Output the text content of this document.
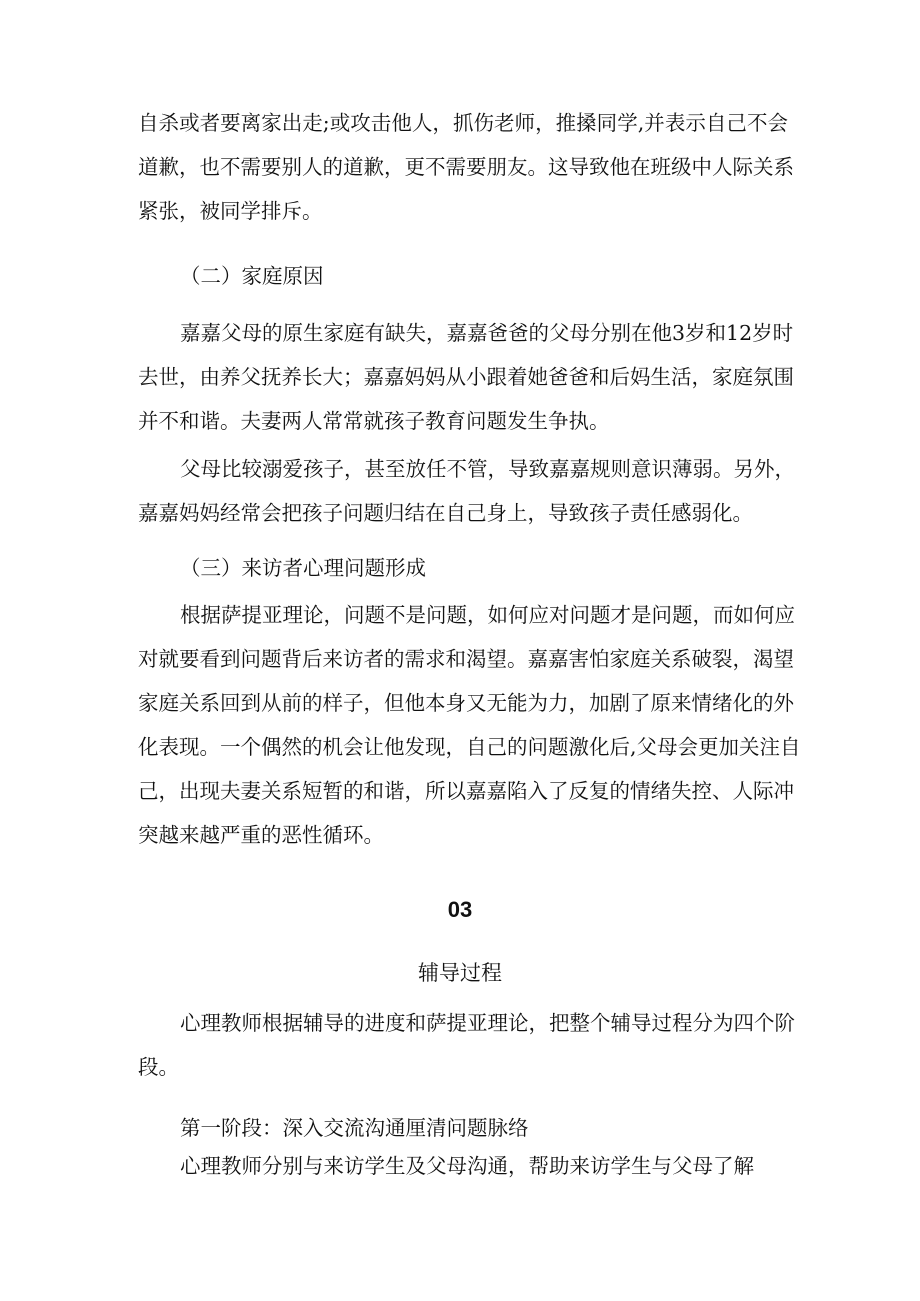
自杀或者要离家出走;或攻击他人，抓伤老师，推搡同学,并表示自己不会
道歉，也不需要别人的道歉，更不需要朋友。这导致他在班级中人际关系
紧张，被同学排斥。

（二）家庭原因

嘉嘉父母的原生家庭有缺失，嘉嘉爸爸的父母分别在他3岁和12岁时
去世，由养父抚养长大；嘉嘉妈妈从小跟着她爸爸和后妈生活，家庭氛围
并不和谐。夫妻两人常常就孩子教育问题发生争执。
父母比较溺爱孩子，甚至放任不管，导致嘉嘉规则意识薄弱。另外，
嘉嘉妈妈经常会把孩子问题归结在自己身上，导致孩子责任感弱化。

（三）来访者心理问题形成

根据萨提亚理论，问题不是问题，如何应对问题才是问题，而如何应
对就要看到问题背后来访者的需求和渴望。嘉嘉害怕家庭关系破裂，渴望
家庭关系回到从前的样子，但他本身又无能为力，加剧了原来情绪化的外
化表现。一个偶然的机会让他发现，自己的问题激化后,父母会更加关注自
己，出现夫妻关系短暂的和谐，所以嘉嘉陷入了反复的情绪失控、人际冲
突越来越严重的恶性循环。

03

辅导过程

心理教师根据辅导的进度和萨提亚理论，把整个辅导过程分为四个阶
段。

第一阶段：深入交流沟通厘清问题脉络

心理教师分别与来访学生及父母沟通，帮助来访学生与父母了解
